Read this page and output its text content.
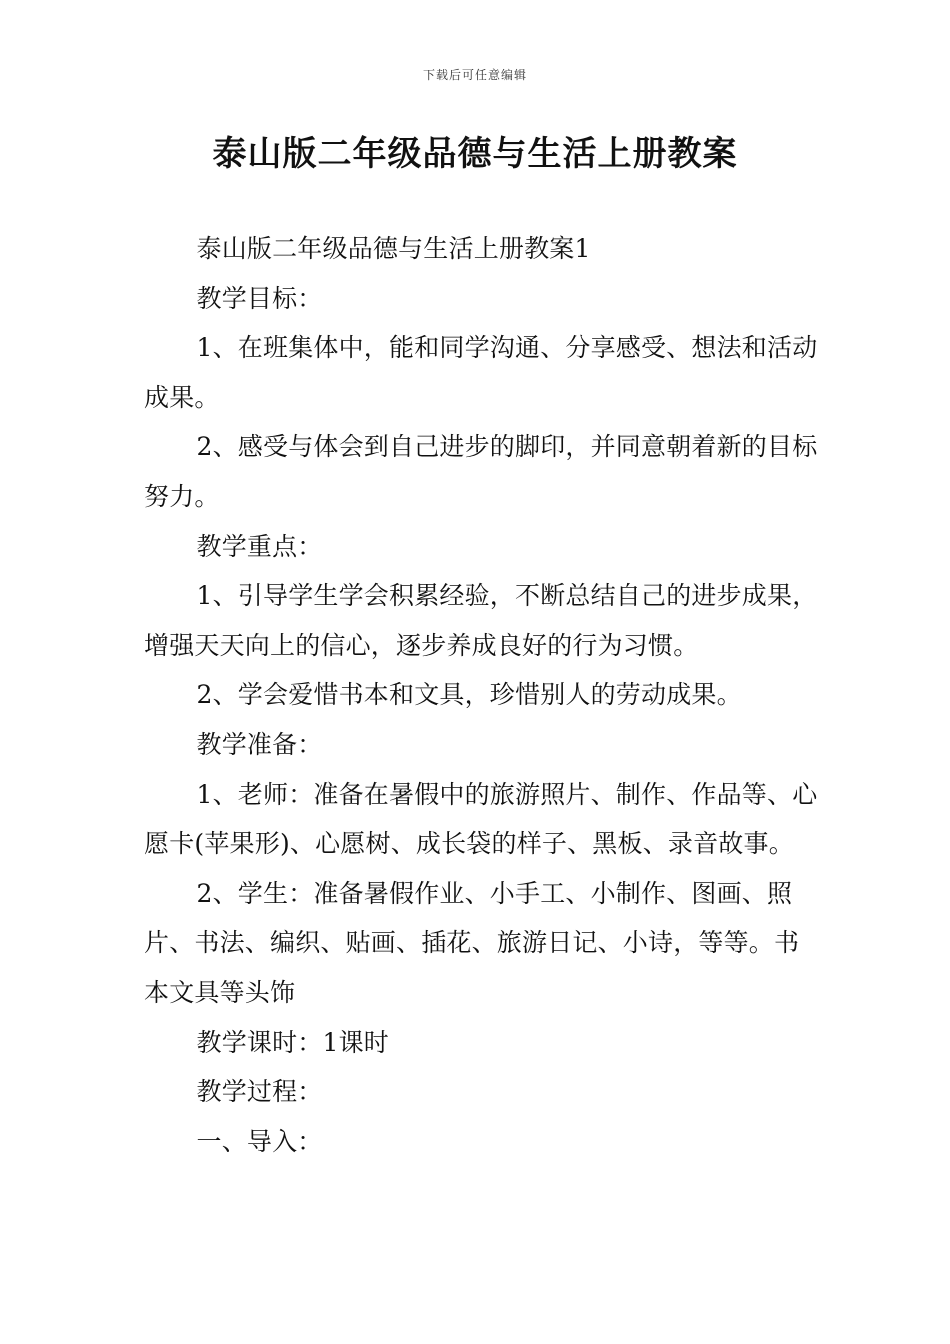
下载后可任意编辑
泰山版二年级品德与生活上册教案

泰山版二年级品德与生活上册教案1

教学目标：

1、在班集体中，能和同学沟通、分享感受、想法和活动成果。

2、感受与体会到自己进步的脚印，并同意朝着新的目标努力。

教学重点：

1、引导学生学会积累经验，不断总结自己的进步成果，增强天天向上的信心，逐步养成良好的行为习惯。

2、学会爱惜书本和文具，珍惜别人的劳动成果。

教学准备：

1、老师：准备在暑假中的旅游照片、制作、作品等、心愿卡(苹果形)、心愿树、成长袋的样子、黑板、录音故事。

2、学生：准备暑假作业、小手工、小制作、图画、照片、书法、编织、贴画、插花、旅游日记、小诗，等等。书本文具等头饰

教学课时：1课时

教学过程：

一、导入：
